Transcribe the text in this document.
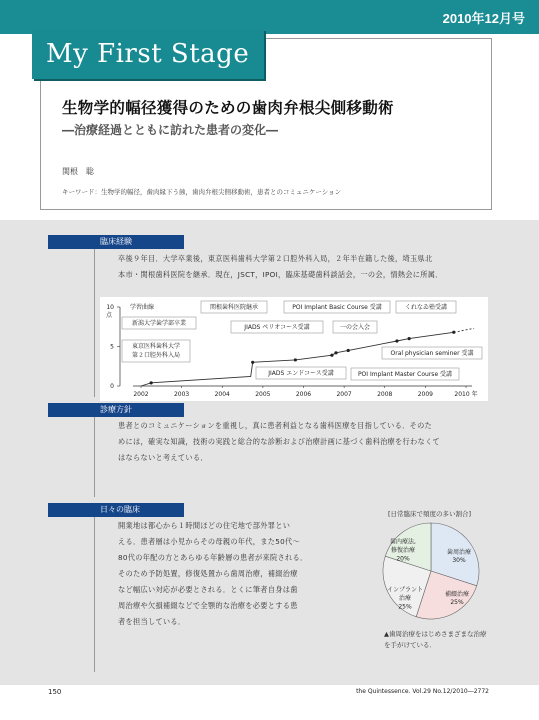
2010年12月号
My First Stage
生物学的幅径獲得のための歯肉弁根尖側移動術
―治療経過とともに訪れた患者の変化―
関根　聡
キーワード：生物学的幅径，歯肉縁下う蝕，歯肉弁根尖側移動術，患者とのコミュニケーション
臨床経験
卒後９年目．大学卒業後，東京医科歯科大学第２口腔外科入局，２年半在籍した後，埼玉県北
本市・関根歯科医院を継承．現在，JSCT，IPOI，臨床基礎歯科談話会，一の会，情熱会に所属．
2002	2003	2004	2005	2006	2007	2008	2009	2010 年
0
5
10
点
学習曲線
新潟大学歯学部卒業
東京医科歯科大学
第２口腔外科入局
関根歯科医院継承
JIADS ペリオコース受講
POI Implant Basic Course 受講
一の会入会
くれなゐ塾受講
Oral physician seminer 受講
JIADS エンドコース受講	POI Implant Master Course 受講
診療方針
患者とのコミュニケーションを重視し，真に患者利益となる歯科医療を目指している．そのた
めには，確実な知識，技術の実践と総合的な診断および治療計画に基づく歯科治療を行わなくて
はならないと考えている．
日々の臨床
開業地は都心から１時間ほどの住宅地で部外罪とい
える．患者層は小児からその母親の年代，また50代～
80代の年配の方とあらゆる年齢層の患者が来院される．
そのため予防処置，修復処置から歯周治療，補綴治療
など幅広い対応が必要とされる．とくに筆者自身は歯
周治療や欠損補綴などで全顎的な治療を必要とする患
者を担当している．
[日常臨床で頻度の多い割合]
歯周治療
30%
補綴治療
25%
インプラント
治療
25%
歯内療法,
修復治療
20%
▲歯周治療をはじめさまざまな治療を手がけている．
150	the Quintessence. Vol.29 No.12/2010―2772
